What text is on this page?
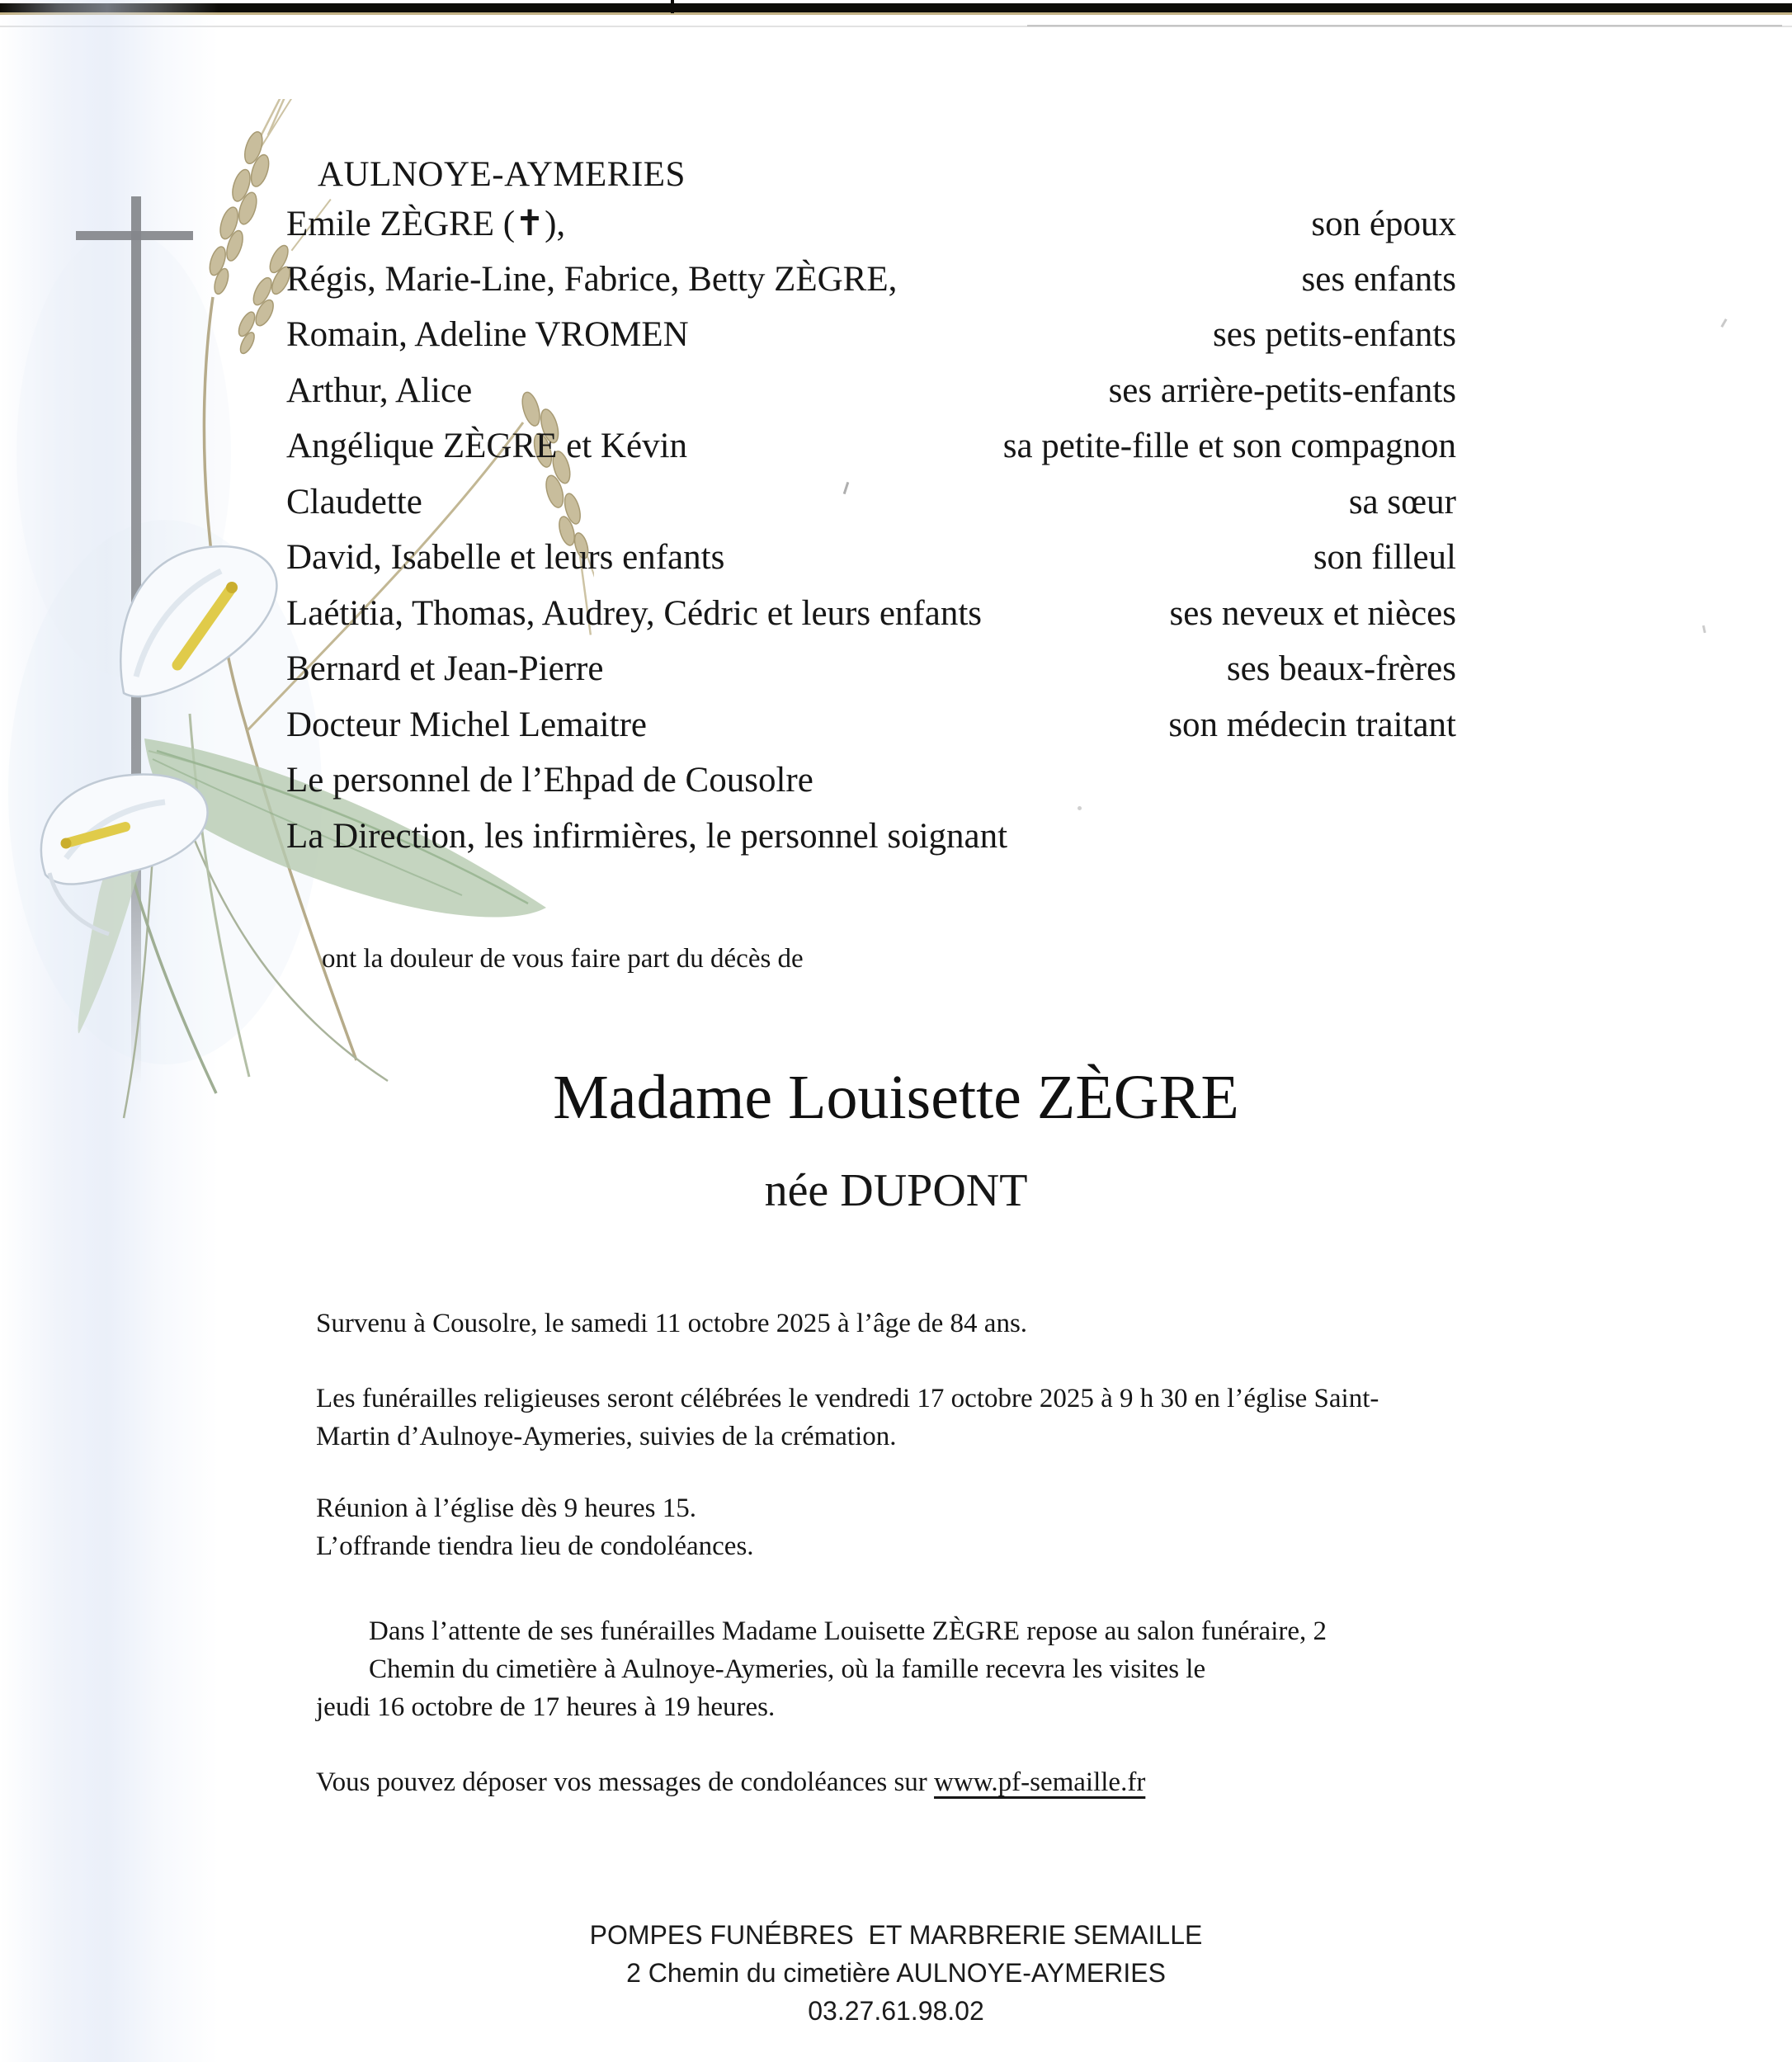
AULNOYE-AYMERIES
Emile ZÈGRE (✝),	son époux
Régis, Marie-Line, Fabrice, Betty ZÈGRE,	ses enfants
Romain, Adeline VROMEN	ses petits-enfants
Arthur, Alice	ses arrière-petits-enfants
Angélique ZÈGRE et Kévin	sa petite-fille et son compagnon
Claudette	sa sœur
David, Isabelle et leurs enfants	son filleul
Laétitia, Thomas, Audrey, Cédric et leurs enfants	ses neveux et nièces
Bernard et Jean-Pierre	ses beaux-frères
Docteur Michel Lemaitre	son médecin traitant
Le personnel de l’Ehpad de Cousolre
La Direction, les infirmières, le personnel soignant
ont la douleur de vous faire part du décès de
Madame Louisette ZÈGRE
née DUPONT
Survenu à Cousolre, le samedi 11 octobre 2025 à l’âge de 84 ans.
Les funérailles religieuses seront célébrées le vendredi 17 octobre 2025 à 9 h 30 en l’église Saint-
Martin d’Aulnoye-Aymeries, suivies de la crémation.
Réunion à l’église dès 9 heures 15.
L’offrande tiendra lieu de condoléances.
Dans l’attente de ses funérailles Madame Louisette ZÈGRE repose au salon funéraire, 2
Chemin du cimetière à Aulnoye-Aymeries, où la famille recevra les visites le
jeudi 16 octobre de 17 heures à 19 heures.
Vous pouvez déposer vos messages de condoléances sur www.pf-semaille.fr
POMPES FUNÉBRES  ET MARBRERIE SEMAILLE
2 Chemin du cimetière AULNOYE-AYMERIES
03.27.61.98.02
